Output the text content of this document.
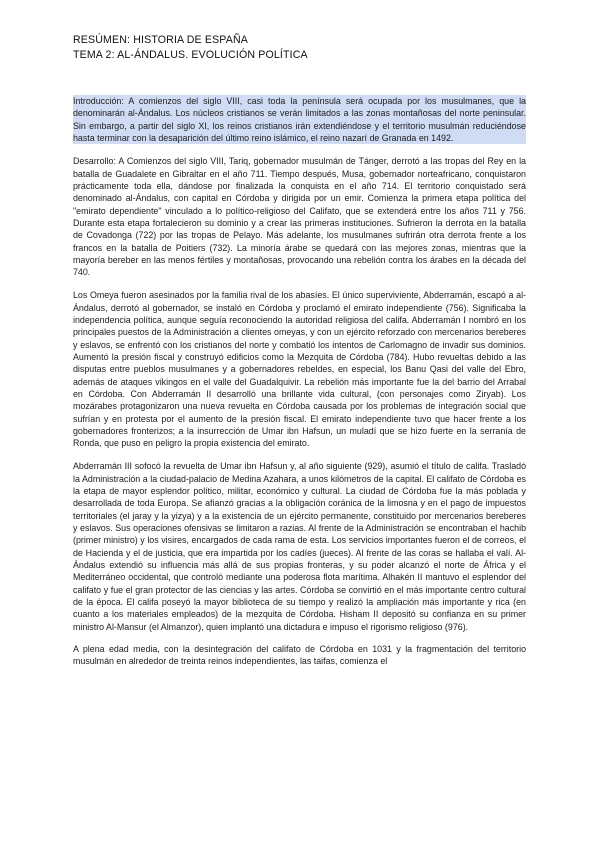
RESÚMEN: HISTORIA DE ESPAÑA
TEMA 2: AL-ÁNDALUS. EVOLUCIÓN POLÍTICA

Introducción: A comienzos del siglo VIII, casi toda la península será ocupada por los musulmanes, que la denominarán al-Ándalus. Los núcleos cristianos se verán limitados a las zonas montañosas del norte peninsular. Sin embargo, a partir del siglo XI, los reinos cristianos irán extendiéndose y el territorio musulmán reduciéndose hasta terminar con la desaparición del último reino islámico, el reino nazarí de Granada en 1492.

Desarrollo: A Comienzos del siglo VIII, Tariq, gobernador musulmán de Tánger, derrotó a las tropas del Rey en la batalla de Guadalete en Gibraltar en el año 711. Tiempo después, Musa, gobernador norteafricano, conquistaron prácticamente toda ella, dándose por finalizada la conquista en el año 714. El territorio conquistado será denominado al-Ándalus, con capital en Córdoba y dirigida por un emir. Comienza la primera etapa política del "emirato dependiente" vinculado a lo político-religioso del Califato, que se extenderá entre los años 711 y 756. Durante esta etapa fortalecieron su dominio y a crear las primeras instituciones. Sufrieron la derrota en la batalla de Covadonga (722) por las tropas de Pelayo. Más adelante, los musulmanes sufrirán otra derrota frente a los francos en la batalla de Poitiers (732). La minoría árabe se quedará con las mejores zonas, mientras que la mayoría bereber en las menos fértiles y montañosas, provocando una rebelión contra los árabes en la década del 740.

Los Omeya fueron asesinados por la familia rival de los abasíes. El único superviviente, Abderramán, escapó a al-Ándalus, derrotó al gobernador, se instaló en Córdoba y proclamó el emirato independiente (756). Significaba la independencia política, aunque seguía reconociendo la autoridad religiosa del califa. Abderramán I nombró en los principales puestos de la Administración a clientes omeyas, y con un ejército reforzado con mercenarios bereberes y eslavos, se enfrentó con los cristianos del norte y combatió los intentos de Carlomagno de invadir sus dominios. Aumentó la presión fiscal y construyó edificios como la Mezquita de Córdoba (784). Hubo revueltas debido a las disputas entre pueblos musulmanes y a gobernadores rebeldes, en especial, los Banu Qasi del valle del Ebro, además de ataques vikingos en el valle del Guadalquivir. La rebelión más importante fue la del barrio del Arrabal en Córdoba. Con Abderramán II desarrolló una brillante vida cultural, (con personajes como Ziryab). Los mozárabes protagonizaron una nueva revuelta en Córdoba causada por los problemas de integración social que sufrían y en protesta por el aumento de la presión fiscal. El emirato independiente tuvo que hacer frente a los gobernadores fronterizos; a la insurrección de Umar ibn Hafsun, un muladí que se hizo fuerte en la serranía de Ronda, que puso en peligro la propia existencia del emirato.

Abderramán III sofocó la revuelta de Umar ibn Hafsun y, al año siguiente (929), asumió el título de califa. Trasladó la Administración a la ciudad-palacio de Medina Azahara, a unos kilómetros de la capital. El califato de Córdoba es la etapa de mayor esplendor político, militar, económico y cultural. La ciudad de Córdoba fue la más poblada y desarrollada de toda Europa. Se afianzó gracias a la obligación coránica de la limosna y en el pago de impuestos territoriales (el jaray y la yizya) y a la existencia de un ejército permanente, constituido por mercenarios bereberes y eslavos. Sus operaciones ofensivas se limitaron a razias. Al frente de la Administración se encontraban el hachib (primer ministro) y los visires, encargados de cada rama de esta. Los servicios importantes fueron el de correos, el de Hacienda y el de justicia, que era impartida por los cadíes (jueces). Al frente de las coras se hallaba el valí. Al-Ándalus extendió su influencia más allá de sus propias fronteras, y su poder alcanzó el norte de África y el Mediterráneo occidental, que controló mediante una poderosa flota marítima. Alhakén II mantuvo el esplendor del califato y fue el gran protector de las ciencias y las artes. Córdoba se convirtió en el más importante centro cultural de la época. El califa poseyó la mayor biblioteca de su tiempo y realizó la ampliación más importante y rica (en cuanto a los materiales empleados) de la mezquita de Córdoba. Hisham II depositó su confianza en su primer ministro Al-Mansur (el Almanzor), quien implantó una dictadura e impuso el rigorismo religioso (976).

A plena edad media, con la desintegración del califato de Córdoba en 1031 y la fragmentación del territorio musulmán en alrededor de treinta reinos independientes, las taifas, comienza el
